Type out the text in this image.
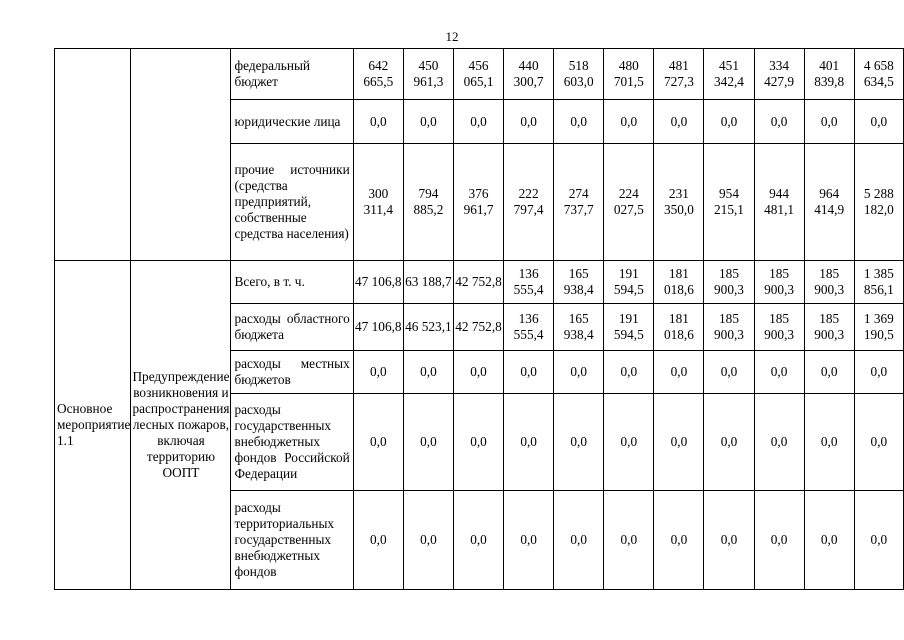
12
		федеральный бюджет	642 665,5	450 961,3	456 065,1	440 300,7	518 603,0	480 701,5	481 727,3	451 342,4	334 427,9	401 839,8	4 658 634,5
		юридические лица	0,0	0,0	0,0	0,0	0,0	0,0	0,0	0,0	0,0	0,0	0,0
		прочие источники (средства предприятий, собственные средства населения)	300 311,4	794 885,2	376 961,7	222 797,4	274 737,7	224 027,5	231 350,0	954 215,1	944 481,1	964 414,9	5 288 182,0
Основное мероприятие 1.1	Предупреждение возникновения и распространения лесных пожаров, включая территорию ООПТ	Всего, в т. ч.	47 106,8	63 188,7	42 752,8	136 555,4	165 938,4	191 594,5	181 018,6	185 900,3	185 900,3	185 900,3	1 385 856,1
		расходы областного бюджета	47 106,8	46 523,1	42 752,8	136 555,4	165 938,4	191 594,5	181 018,6	185 900,3	185 900,3	185 900,3	1 369 190,5
		расходы местных бюджетов	0,0	0,0	0,0	0,0	0,0	0,0	0,0	0,0	0,0	0,0	0,0
		расходы государственных внебюджетных фондов Российской Федерации	0,0	0,0	0,0	0,0	0,0	0,0	0,0	0,0	0,0	0,0	0,0
		расходы территориальных государственных внебюджетных фондов	0,0	0,0	0,0	0,0	0,0	0,0	0,0	0,0	0,0	0,0	0,0
